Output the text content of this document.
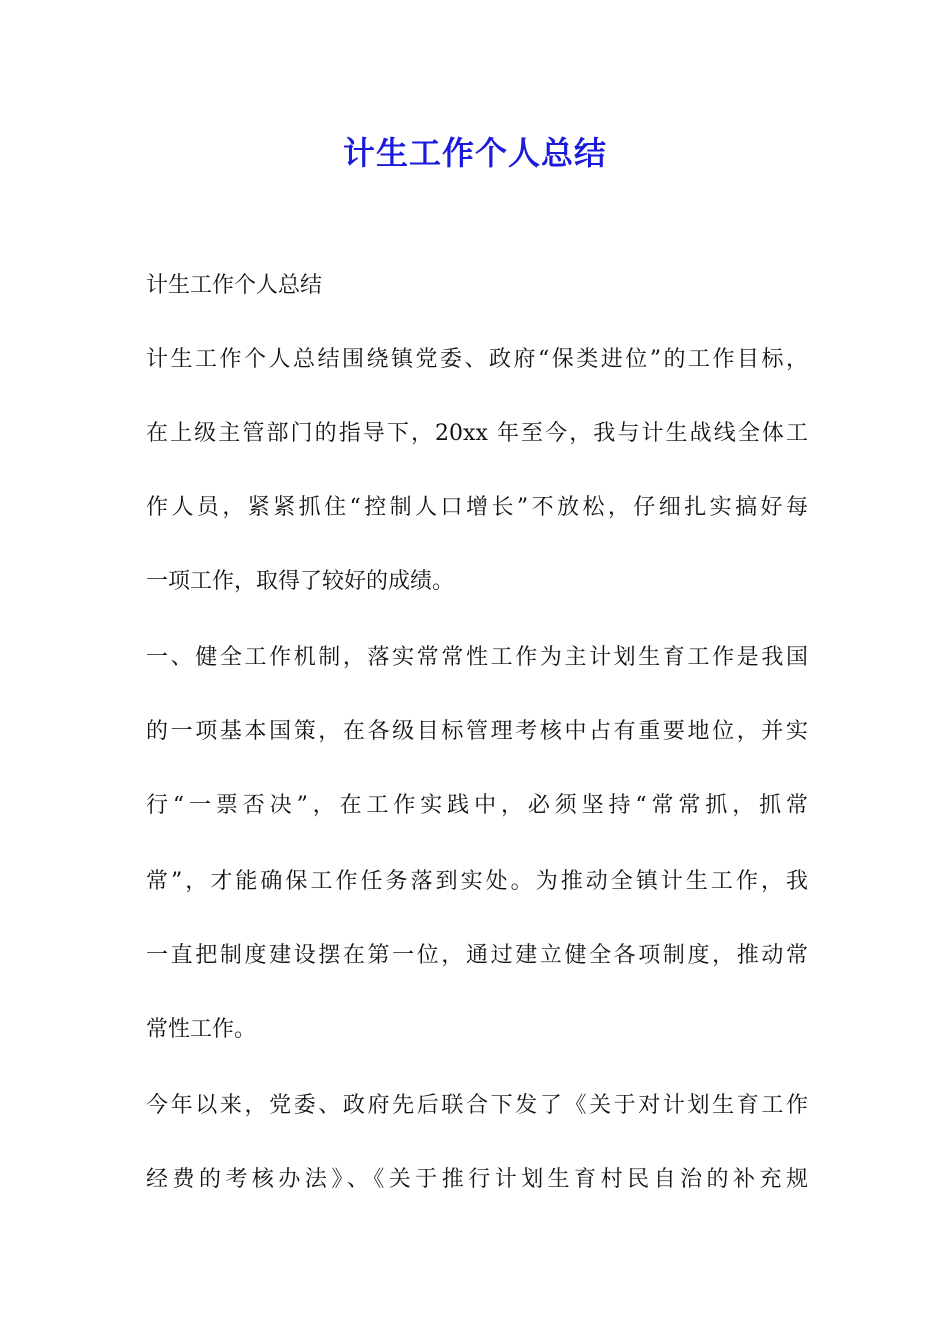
计生工作个人总结
计生工作个人总结
计生工作个人总结围绕镇党委、政府“保类进位”的工作目标，
在上级主管部门的指导下，20xx 年至今，我与计生战线全体工
作人员，紧紧抓住“控制人口增长”不放松，仔细扎实搞好每
一项工作，取得了较好的成绩。
一、健全工作机制，落实常常性工作为主计划生育工作是我国
的一项基本国策，在各级目标管理考核中占有重要地位，并实
行“一票否决”，在工作实践中，必须坚持“常常抓，抓常
常”，才能确保工作任务落到实处。为推动全镇计生工作，我
一直把制度建设摆在第一位，通过建立健全各项制度，推动常
常性工作。
今年以来，党委、政府先后联合下发了《关于对计划生育工作
经费的考核办法》、《关于推行计划生育村民自治的补充规
